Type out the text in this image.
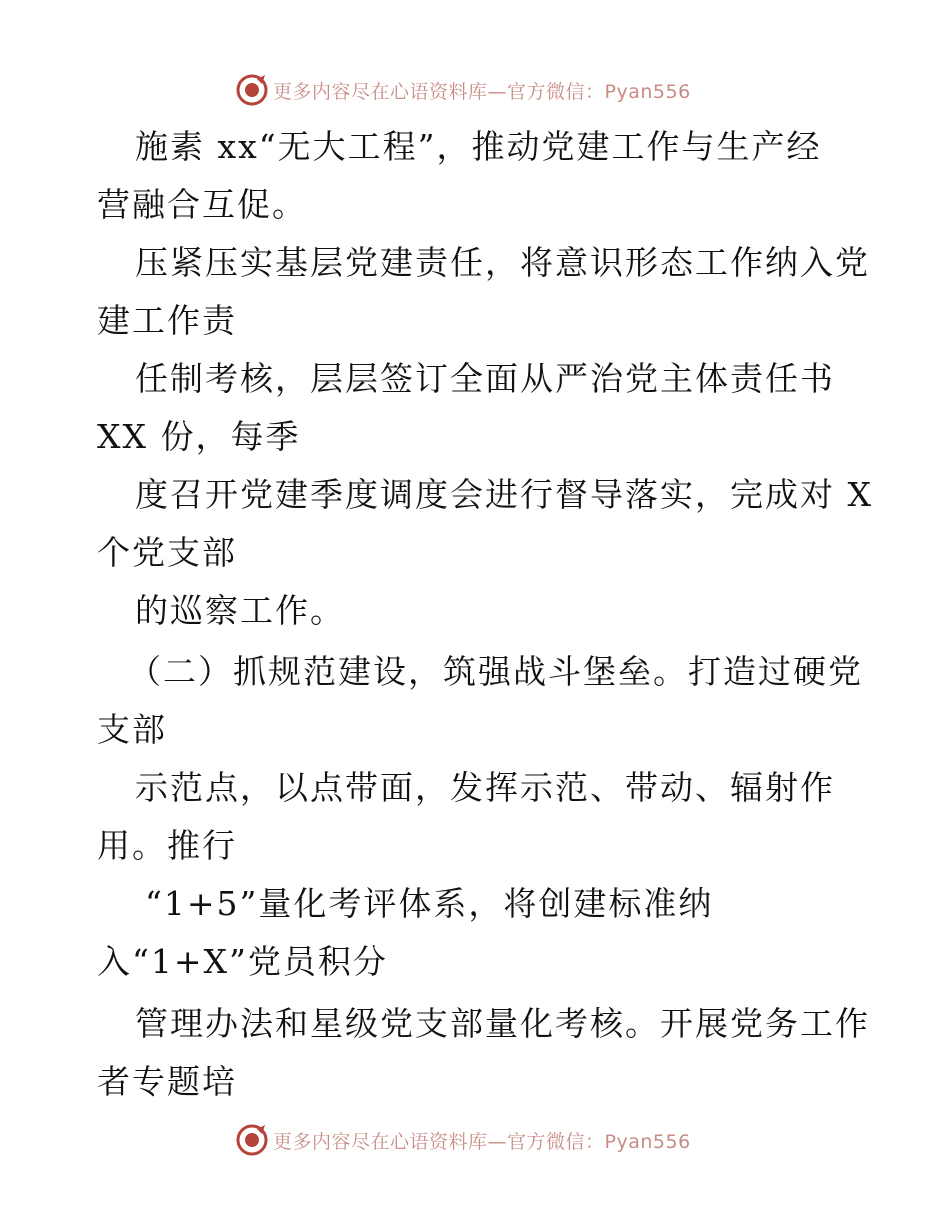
更多内容尽在心语资料库—官方微信：Pyan556
施素 xx“无大工程”，推动党建工作与生产经
营融合互促。
压紧压实基层党建责任，将意识形态工作纳入党
建工作责
任制考核，层层签订全面从严治党主体责任书
XX 份，每季
度召开党建季度调度会进行督导落实，完成对 X
个党支部
的巡察工作。
（二）抓规范建设，筑强战斗堡垒。打造过硬党
支部
示范点，以点带面，发挥示范、带动、辐射作
用。推行
“1+5”量化考评体系，将创建标准纳
入“1+X”党员积分
管理办法和星级党支部量化考核。开展党务工作
者专题培
更多内容尽在心语资料库—官方微信：Pyan556
